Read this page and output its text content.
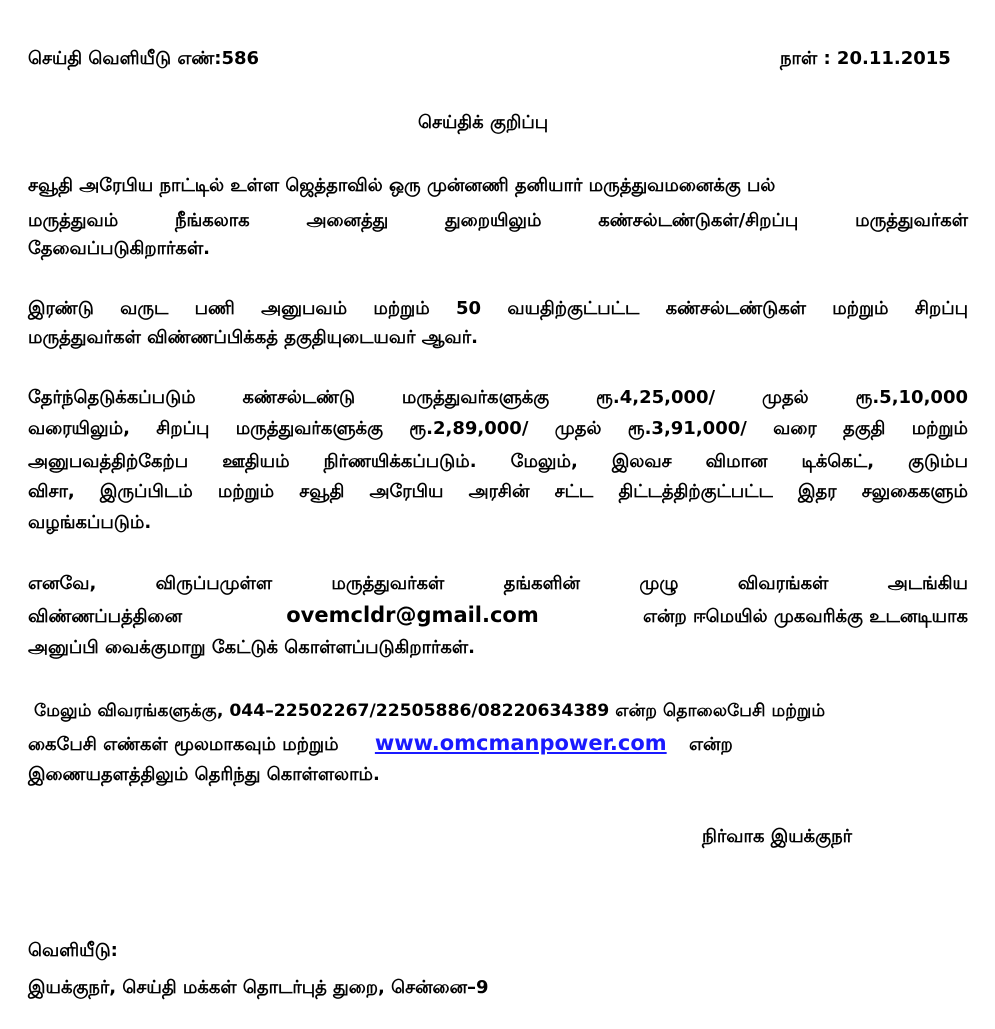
செய்தி வெளியீடு எண்:586	நாள் : 20.11.2015
செய்திக் குறிப்பு
சவூதி அரேபிய நாட்டில் உள்ள ஜெத்தாவில் ஒரு முன்னணி தனியார் மருத்துவமனைக்கு பல்
மருத்துவம் நீங்கலாக அனைத்து துறையிலும் கண்சல்டண்டுகள்/சிறப்பு மருத்துவர்கள்
தேவைப்படுகிறார்கள்.
இரண்டு வருட பணி அனுபவம் மற்றும் 50 வயதிற்குட்பட்ட கண்சல்டண்டுகள் மற்றும் சிறப்பு
மருத்துவர்கள் விண்ணப்பிக்கத் தகுதியுடையவர் ஆவர்.
தேர்ந்தெடுக்கப்படும் கண்சல்டண்டு மருத்துவர்களுக்கு ரூ.4,25,000/ முதல் ரூ.5,10,000
வரையிலும், சிறப்பு மருத்துவர்களுக்கு ரூ.2,89,000/ முதல் ரூ.3,91,000/ வரை தகுதி மற்றும்
அனுபவத்திற்கேற்ப ஊதியம் நிர்ணயிக்கப்படும். மேலும், இலவச விமான டிக்கெட், குடும்ப
விசா, இருப்பிடம் மற்றும் சவூதி அரேபிய அரசின் சட்ட திட்டத்திற்குட்பட்ட இதர சலுகைகளும்
வழங்கப்படும்.
எனவே, விருப்பமுள்ள மருத்துவர்கள் தங்களின் முழு விவரங்கள் அடங்கிய
விண்ணப்பத்தினை	ovemcldr@gmail.com	என்ற ஈமெயில் முகவரிக்கு உடனடியாக
அனுப்பி வைக்குமாறு கேட்டுக் கொள்ளப்படுகிறார்கள்.
மேலும் விவரங்களுக்கு, 044–22502267/22505886/08220634389 என்ற தொலைபேசி மற்றும்
கைபேசி எண்கள் மூலமாகவும் மற்றும் www.omcmanpower.com என்ற
இணையதளத்திலும் தெரிந்து கொள்ளலாம்.
நிர்வாக இயக்குநர்
வெளியீடு:
இயக்குநர், செய்தி மக்கள் தொடர்புத் துறை, சென்னை–9
